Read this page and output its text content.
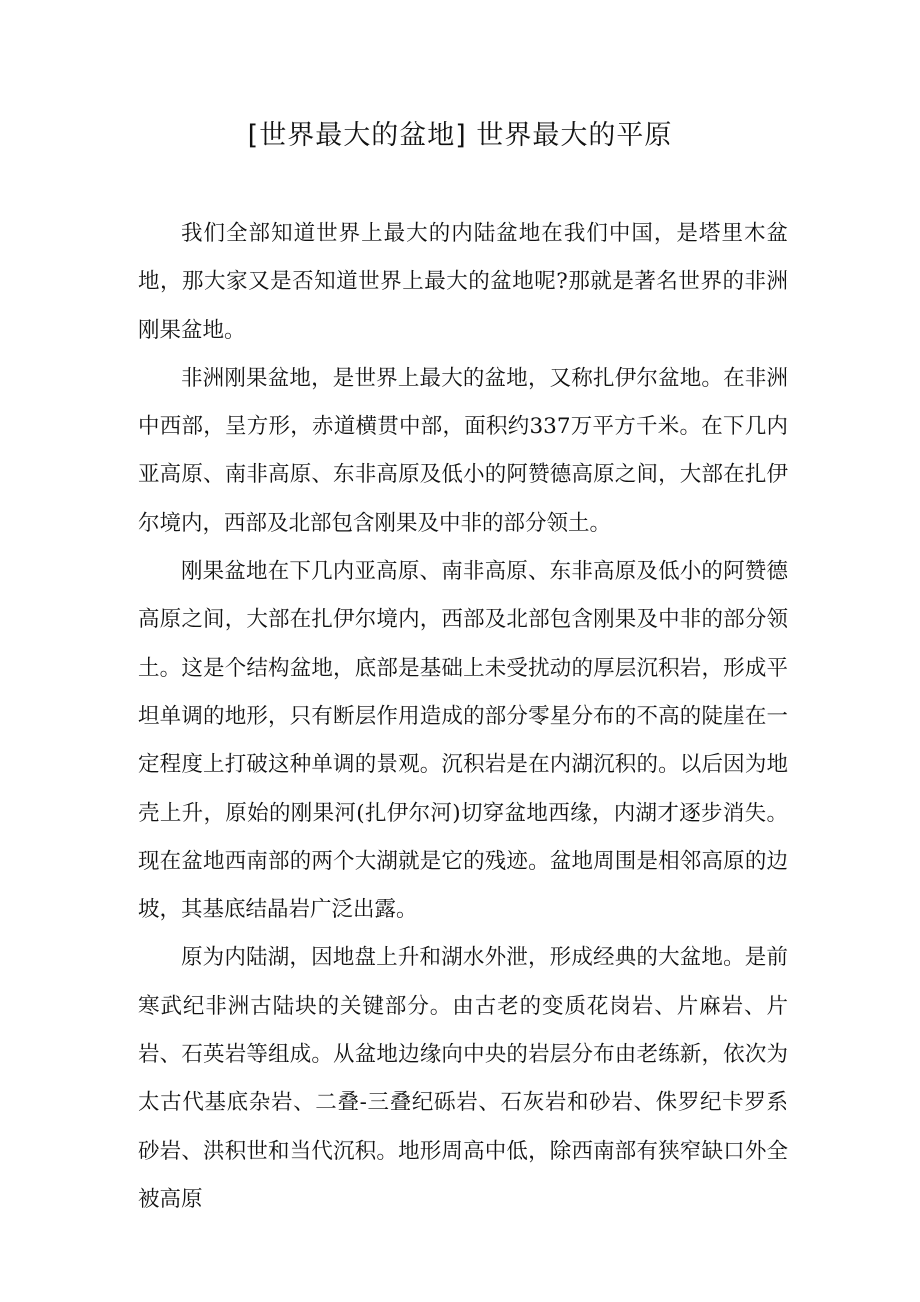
[世界最大的盆地] 世界最大的平原

我们全部知道世界上最大的内陆盆地在我们中国，是塔里木盆地，那大家又是否知道世界上最大的盆地呢?那就是著名世界的非洲刚果盆地。

非洲刚果盆地，是世界上最大的盆地，又称扎伊尔盆地。在非洲中西部，呈方形，赤道横贯中部，面积约337万平方千米。在下几内亚高原、南非高原、东非高原及低小的阿赞德高原之间，大部在扎伊尔境内，西部及北部包含刚果及中非的部分领土。

刚果盆地在下几内亚高原、南非高原、东非高原及低小的阿赞德高原之间，大部在扎伊尔境内，西部及北部包含刚果及中非的部分领土。这是个结构盆地，底部是基础上未受扰动的厚层沉积岩，形成平坦单调的地形，只有断层作用造成的部分零星分布的不高的陡崖在一定程度上打破这种单调的景观。沉积岩是在内湖沉积的。以后因为地壳上升，原始的刚果河(扎伊尔河)切穿盆地西缘，内湖才逐步消失。现在盆地西南部的两个大湖就是它的残迹。盆地周围是相邻高原的边坡，其基底结晶岩广泛出露。

原为内陆湖，因地盘上升和湖水外泄，形成经典的大盆地。是前寒武纪非洲古陆块的关键部分。由古老的变质花岗岩、片麻岩、片岩、石英岩等组成。从盆地边缘向中央的岩层分布由老练新，依次为太古代基底杂岩、二叠-三叠纪砾岩、石灰岩和砂岩、侏罗纪卡罗系砂岩、洪积世和当代沉积。地形周高中低，除西南部有狭窄缺口外全被高原
